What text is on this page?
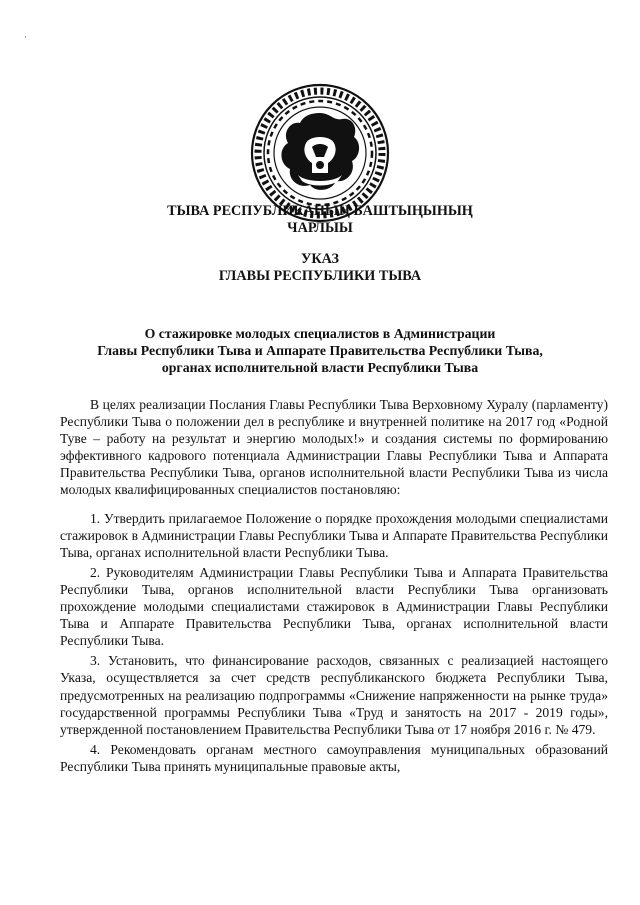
·
ТЫВА РЕСПУБЛИКАНЫҢ БАШТЫҢЫНЫҢ
ЧАРЛЫЫ
УКАЗ
ГЛАВЫ РЕСПУБЛИКИ ТЫВА
О стажировке молодых специалистов в Администрации
Главы Республики Тыва и Аппарате Правительства Республики Тыва,
органах исполнительной власти Республики Тыва

В целях реализации Послания Главы Республики Тыва Верховному Хуралу (парламенту) Республики Тыва о положении дел в республике и внутренней политике на 2017 год «Родной Туве – работу на результат и энергию молодых!» и создания системы по формированию эффективного кадрового потенциала Администрации Главы Республики Тыва и Аппарата Правительства Республики Тыва, органов исполнительной власти Республики Тыва из числа молодых квалифицированных специалистов постановляю:

1. Утвердить прилагаемое Положение о порядке прохождения молодыми специалистами стажировок в Администрации Главы Республики Тыва и Аппарате Правительства Республики Тыва, органах исполнительной власти Республики Тыва.

2. Руководителям Администрации Главы Республики Тыва и Аппарата Правительства Республики Тыва, органов исполнительной власти Республики Тыва организовать прохождение молодыми специалистами стажировок в Администрации Главы Республики Тыва и Аппарате Правительства Республики Тыва, органах исполнительной власти Республики Тыва.

3. Установить, что финансирование расходов, связанных с реализацией настоящего Указа, осуществляется за счет средств республиканского бюджета Республики Тыва, предусмотренных на реализацию подпрограммы «Снижение напряженности на рынке труда» государственной программы Республики Тыва «Труд и занятость на 2017 - 2019 годы», утвержденной постановлением Правительства Республики Тыва от 17 ноября 2016 г. № 479.

4. Рекомендовать органам местного самоуправления муниципальных образований Республики Тыва принять муниципальные правовые акты,
